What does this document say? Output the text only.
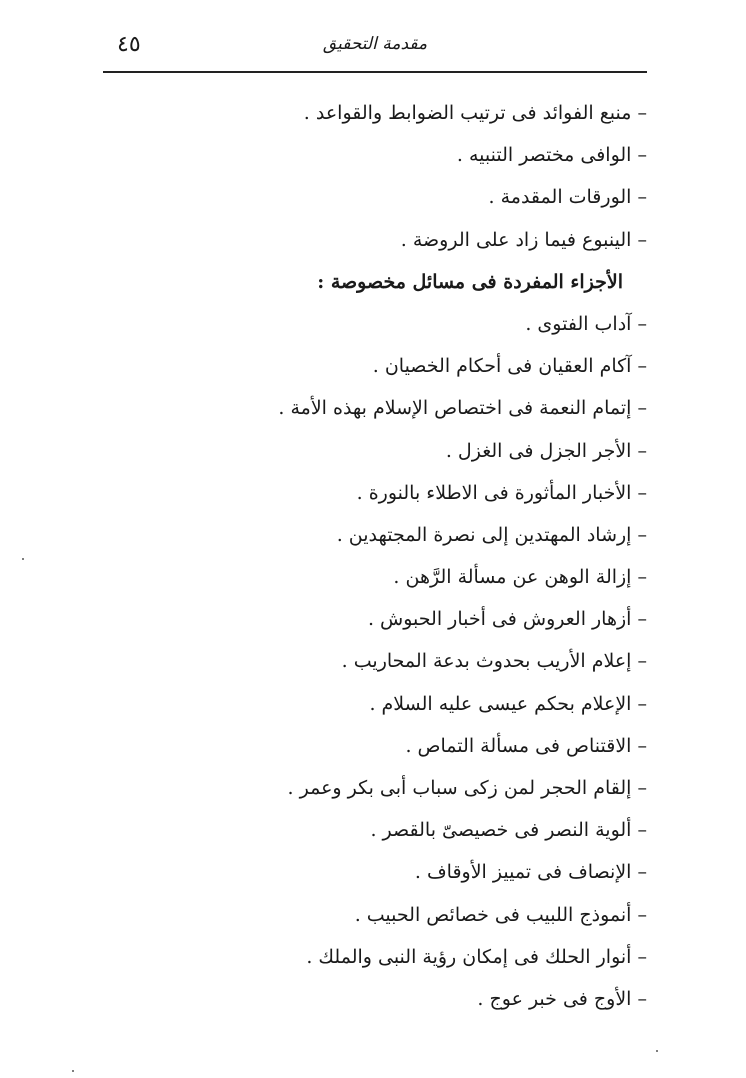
٤٥	مقدمة التحقيق

– منبع الفوائد فى ترتيب الضوابط والقواعد .

– الوافى مختصر التنبيه .

– الورقات المقدمة .

– الينبوع فيما زاد على الروضة .

الأجزاء المفردة فى مسائل مخصوصة :

– آداب الفتوى .

– آكام العقيان فى أحكام الخصيان .

– إتمام النعمة فى اختصاص الإسلام بهذه الأمة .

– الأجر الجزل فى الغزل .

– الأخبار المأثورة فى الاطلاء بالنورة .

– إرشاد المهتدين إلى نصرة المجتهدين .

– إزالة الوهن عن مسألة الرَّهن .

– أزهار العروش فى أخبار الحبوش .

– إعلام الأريب بحدوث بدعة المحاريب .

– الإعلام بحكم عيسى عليه السلام .

– الاقتناص فى مسألة التماص .

– إلقام الحجر لمن زكى سباب أبى بكر وعمر .

– ألوية النصر فى خصيصىّ بالقصر .

– الإنصاف فى تمييز الأوقاف .

– أنموذج اللبيب فى خصائص الحبيب .

– أنوار الحلك فى إمكان رؤية النبى والملك .

– الأوج فى خبر عوج .
